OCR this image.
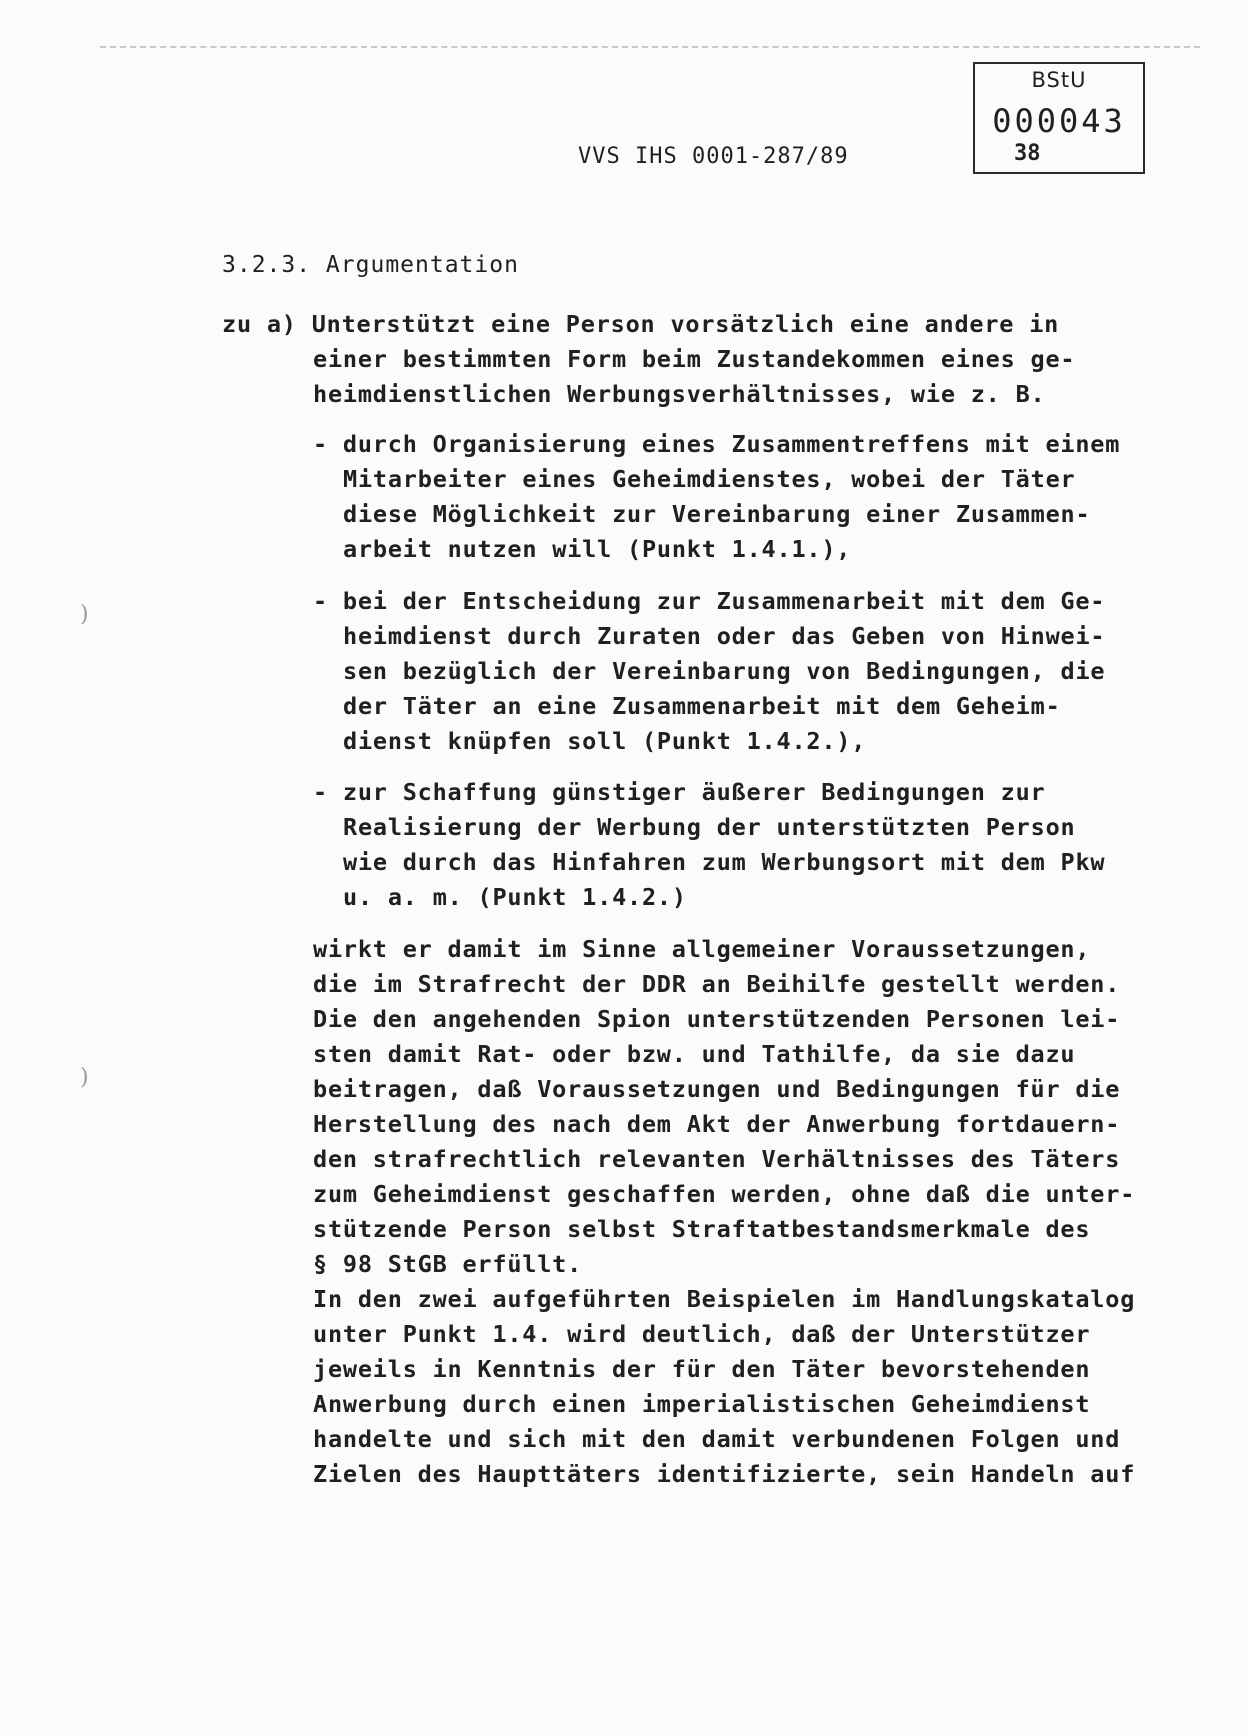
BStU
000043
VVS IHS 0001-287/89	38
3.2.3. Argumentation
zu a) Unterstützt eine Person vorsätzlich eine andere in
einer bestimmten Form beim Zustandekommen eines ge-
heimdienstlichen Werbungsverhältnisses, wie z. B.
- durch Organisierung eines Zusammentreffens mit einem
Mitarbeiter eines Geheimdienstes, wobei der Täter
diese Möglichkeit zur Vereinbarung einer Zusammen-
arbeit nutzen will (Punkt 1.4.1.),
- bei der Entscheidung zur Zusammenarbeit mit dem Ge-
heimdienst durch Zuraten oder das Geben von Hinwei-
sen bezüglich der Vereinbarung von Bedingungen, die
der Täter an eine Zusammenarbeit mit dem Geheim-
dienst knüpfen soll (Punkt 1.4.2.),
- zur Schaffung günstiger äußerer Bedingungen zur
Realisierung der Werbung der unterstützten Person
wie durch das Hinfahren zum Werbungsort mit dem Pkw
u. a. m. (Punkt 1.4.2.)
wirkt er damit im Sinne allgemeiner Voraussetzungen,
die im Strafrecht der DDR an Beihilfe gestellt werden.
Die den angehenden Spion unterstützenden Personen lei-
sten damit Rat- oder bzw. und Tathilfe, da sie dazu
beitragen, daß Voraussetzungen und Bedingungen für die
Herstellung des nach dem Akt der Anwerbung fortdauern-
den strafrechtlich relevanten Verhältnisses des Täters
zum Geheimdienst geschaffen werden, ohne daß die unter-
stützende Person selbst Straftatbestandsmerkmale des
§ 98 StGB erfüllt.
In den zwei aufgeführten Beispielen im Handlungskatalog
unter Punkt 1.4. wird deutlich, daß der Unterstützer
jeweils in Kenntnis der für den Täter bevorstehenden
Anwerbung durch einen imperialistischen Geheimdienst
handelte und sich mit den damit verbundenen Folgen und
Zielen des Haupttäters identifizierte, sein Handeln auf
)
)
